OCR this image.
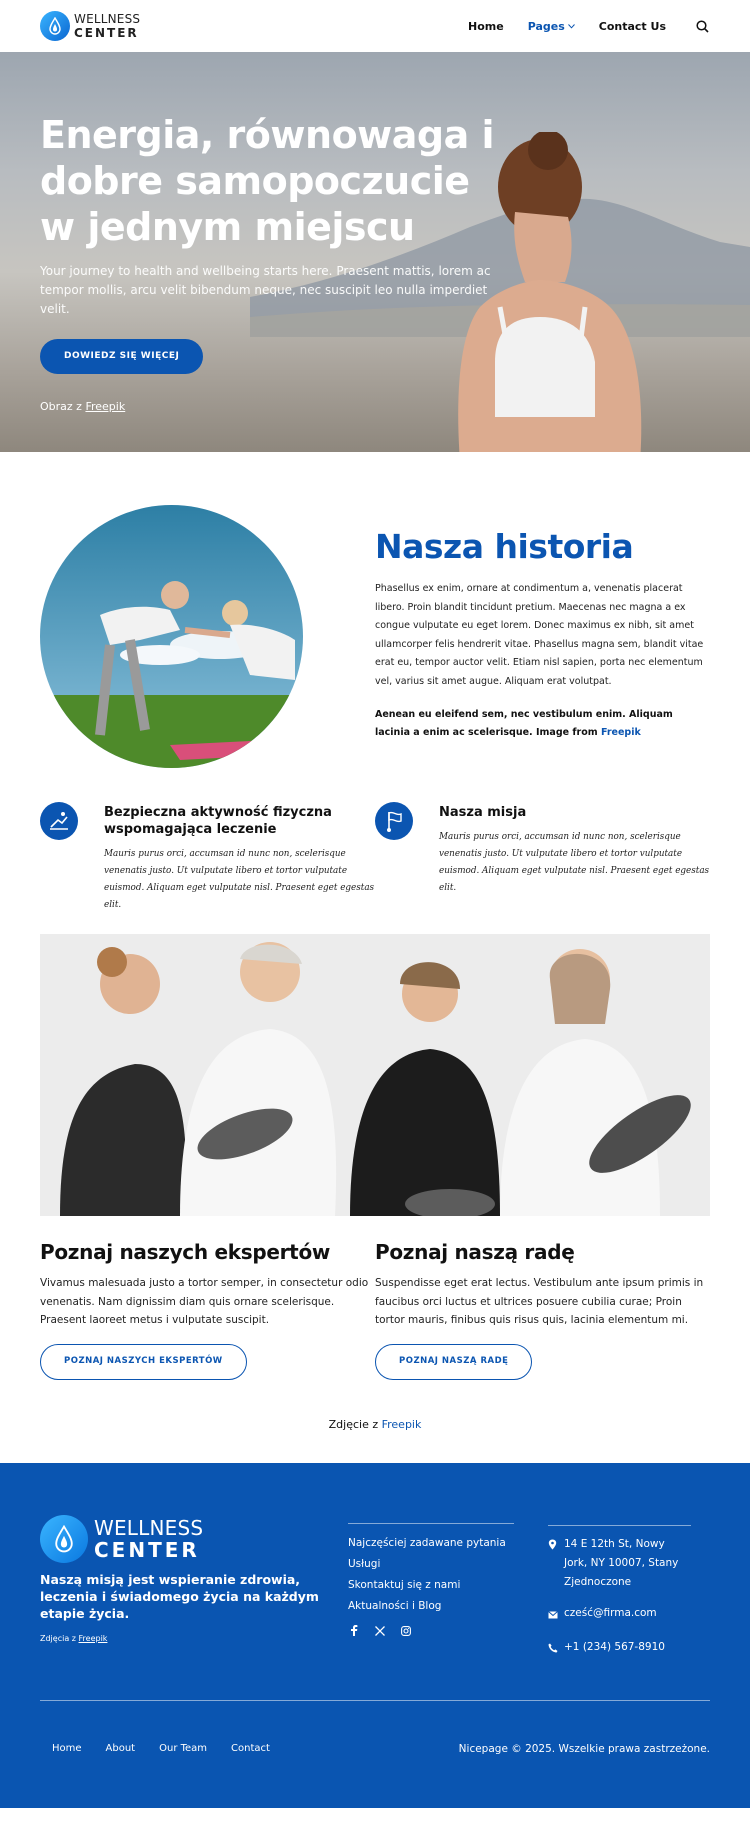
WELLNESS
CENTER	Home Pages	Contact Us
Energia, równowaga i dobre samopoczucie w jednym miejscu

Your journey to health and wellbeing starts here. Praesent mattis, lorem ac tempor mollis, arcu velit bibendum neque, nec suscipit leo nulla imperdiet velit.

DOWIEDZ SIĘ WIĘCEJ
Obraz z Freepik
Nasza historia

Phasellus ex enim, ornare at condimentum a, venenatis placerat libero. Proin blandit tincidunt pretium. Maecenas nec magna a ex congue vulputate eu eget lorem. Donec maximus ex nibh, sit amet ullamcorper felis hendrerit vitae. Phasellus magna sem, blandit vitae erat eu, tempor auctor velit. Etiam nisl sapien, porta nec elementum vel, varius sit amet augue. Aliquam erat volutpat.

Aenean eu eleifend sem, nec vestibulum enim. Aliquam lacinia a enim ac scelerisque. Image from Freepik

Bezpieczna aktywność fizyczna wspomagająca leczenie

Mauris purus orci, accumsan id nunc non, scelerisque venenatis justo. Ut vulputate libero et tortor vulputate euismod. Aliquam eget vulputate nisl. Praesent eget egestas elit.

Nasza misja

Mauris purus orci, accumsan id nunc non, scelerisque venenatis justo. Ut vulputate libero et tortor vulputate euismod. Aliquam eget vulputate nisl. Praesent eget egestas elit.

Poznaj naszych ekspertów

Vivamus malesuada justo a tortor semper, in consectetur odio venenatis. Nam dignissim diam quis ornare scelerisque. Praesent laoreet metus i vulputate suscipit.

POZNAJ NASZYCH EKSPERTÓW
Poznaj naszą radę

Suspendisse eget erat lectus. Vestibulum ante ipsum primis in faucibus orci luctus et ultrices posuere cubilia curae; Proin tortor mauris, finibus quis risus quis, lacinia elementum mi.

POZNAJ NASZĄ RADĘ
Zdjęcie z Freepik
WELLNESS
CENTER

Naszą misją jest wspieranie zdrowia, leczenia i świadomego życia na każdym etapie życia.

Zdjęcia z Freepik

Najczęściej zadawane pytania
Usługi
Skontaktuj się z nami
Aktualności i Blog
14 E 12th St, Nowy Jork, NY 10007, Stany Zjednoczone
cześć@firma.com
+1 (234) 567-8910
Home About Our Team Contact	Nicepage © 2025. Wszelkie prawa zastrzeżone.
